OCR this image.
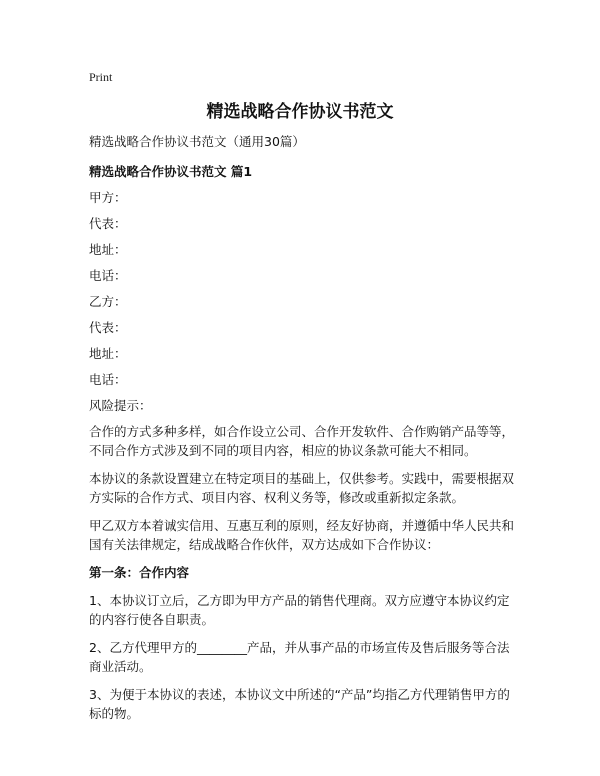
Print
精选战略合作协议书范文

精选战略合作协议书范文（通用30篇）

精选战略合作协议书范文 篇1

甲方：

代表：

地址：

电话：

乙方：

代表：

地址：

电话：

风险提示：

合作的方式多种多样，如合作设立公司、合作开发软件、合作购销产品等等，不同合作方式涉及到不同的项目内容，相应的协议条款可能大不相同。

本协议的条款设置建立在特定项目的基础上，仅供参考。实践中，需要根据双方实际的合作方式、项目内容、权利义务等，修改或重新拟定条款。

甲乙双方本着诚实信用、互惠互利的原则，经友好协商，并遵循中华人民共和国有关法律规定，结成战略合作伙伴，双方达成如下合作协议：

第一条：合作内容

1、本协议订立后，乙方即为甲方产品的销售代理商。双方应遵守本协议约定的内容行使各自职责。

2、乙方代理甲方的________产品，并从事产品的市场宣传及售后服务等合法商业活动。

3、为便于本协议的表述，本协议文中所述的“产品”均指乙方代理销售甲方的标的物。
